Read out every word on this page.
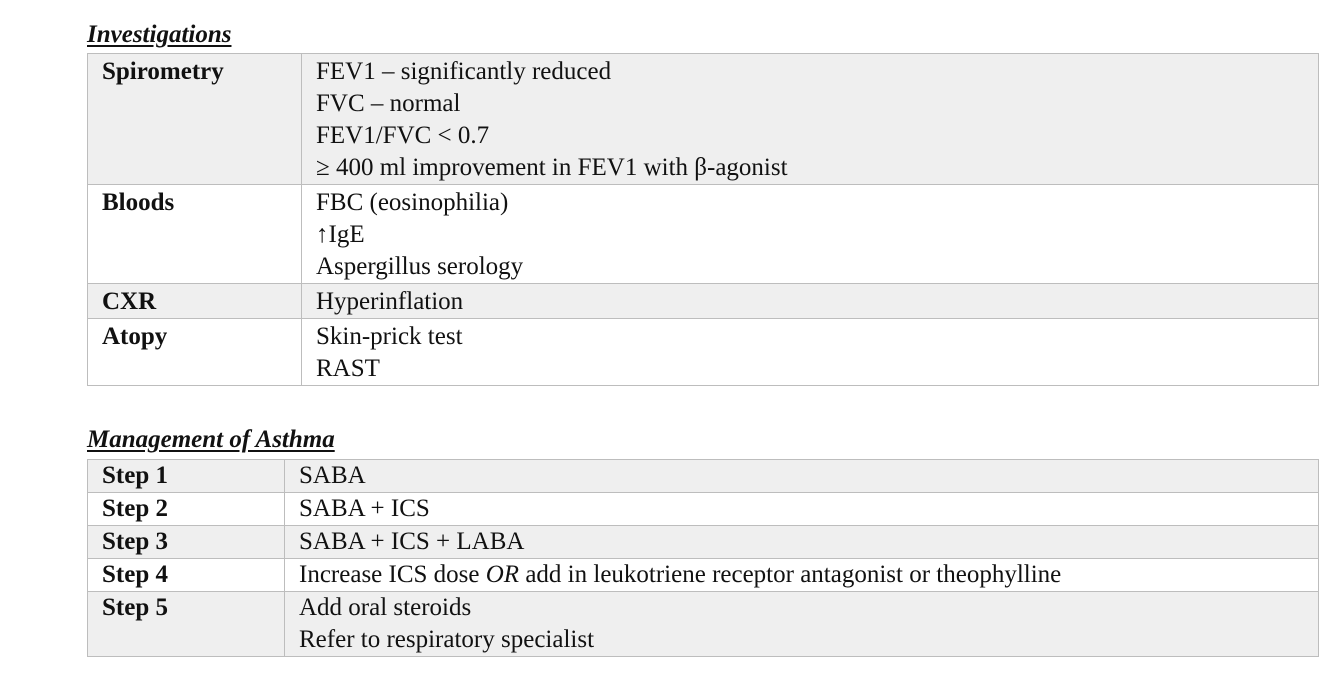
Investigations
Spirometry	FEV1 – significantly reduced
FVC – normal
FEV1/FVC < 0.7
≥ 400 ml improvement in FEV1 with β-agonist

Bloods	FBC (eosinophilia)
↑IgE
Aspergillus serology

CXR	Hyperinflation

Atopy	Skin-prick test
RAST
Management of Asthma
Step 1	SABA

Step 2	SABA + ICS

Step 3	SABA + ICS + LABA

Step 4	Increase ICS dose OR add in leukotriene receptor antagonist or theophylline

Step 5	Add oral steroids
Refer to respiratory specialist
